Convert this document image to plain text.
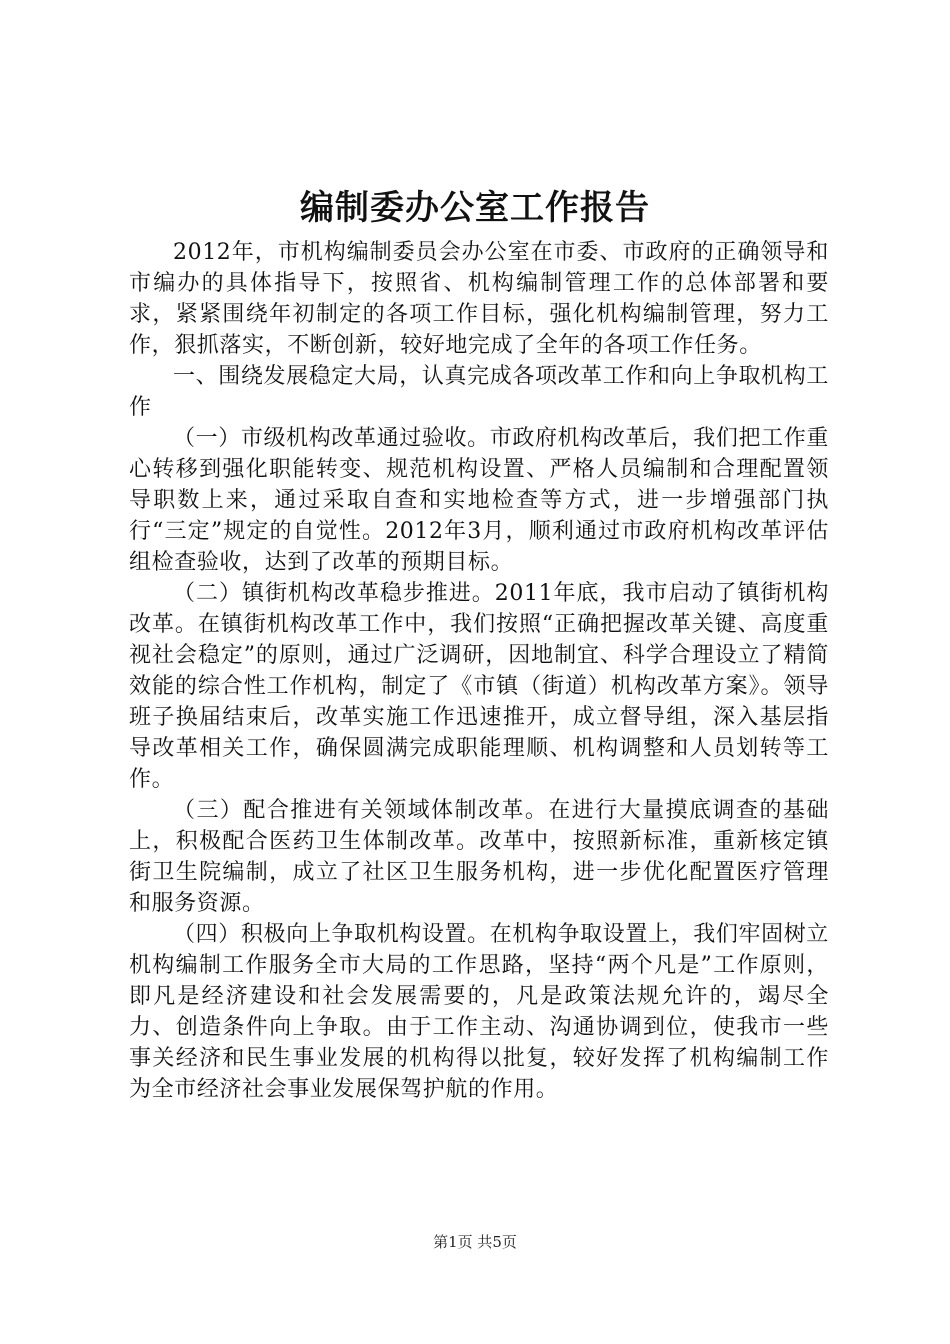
编制委办公室工作报告

2012年，市机构编制委员会办公室在市委、市政府的正确领导和市编办的具体指导下，按照省、机构编制管理工作的总体部署和要求，紧紧围绕年初制定的各项工作目标，强化机构编制管理，努力工作，狠抓落实，不断创新，较好地完成了全年的各项工作任务。

一、围绕发展稳定大局，认真完成各项改革工作和向上争取机构工作

（一）市级机构改革通过验收。市政府机构改革后，我们把工作重心转移到强化职能转变、规范机构设置、严格人员编制和合理配置领导职数上来，通过采取自查和实地检查等方式，进一步增强部门执行“三定”规定的自觉性。2012年3月，顺利通过市政府机构改革评估组检查验收，达到了改革的预期目标。

（二）镇街机构改革稳步推进。2011年底，我市启动了镇街机构改革。在镇街机构改革工作中，我们按照“正确把握改革关键、高度重视社会稳定”的原则，通过广泛调研，因地制宜、科学合理设立了精简效能的综合性工作机构，制定了《市镇（街道）机构改革方案》。领导班子换届结束后，改革实施工作迅速推开，成立督导组，深入基层指导改革相关工作，确保圆满完成职能理顺、机构调整和人员划转等工作。

（三）配合推进有关领域体制改革。在进行大量摸底调查的基础上，积极配合医药卫生体制改革。改革中，按照新标准，重新核定镇街卫生院编制，成立了社区卫生服务机构，进一步优化配置医疗管理和服务资源。

（四）积极向上争取机构设置。在机构争取设置上，我们牢固树立机构编制工作服务全市大局的工作思路，坚持“两个凡是”工作原则，即凡是经济建设和社会发展需要的，凡是政策法规允许的，竭尽全力、创造条件向上争取。由于工作主动、沟通协调到位，使我市一些事关经济和民生事业发展的机构得以批复，较好发挥了机构编制工作为全市经济社会事业发展保驾护航的作用。

第1页 共5页
